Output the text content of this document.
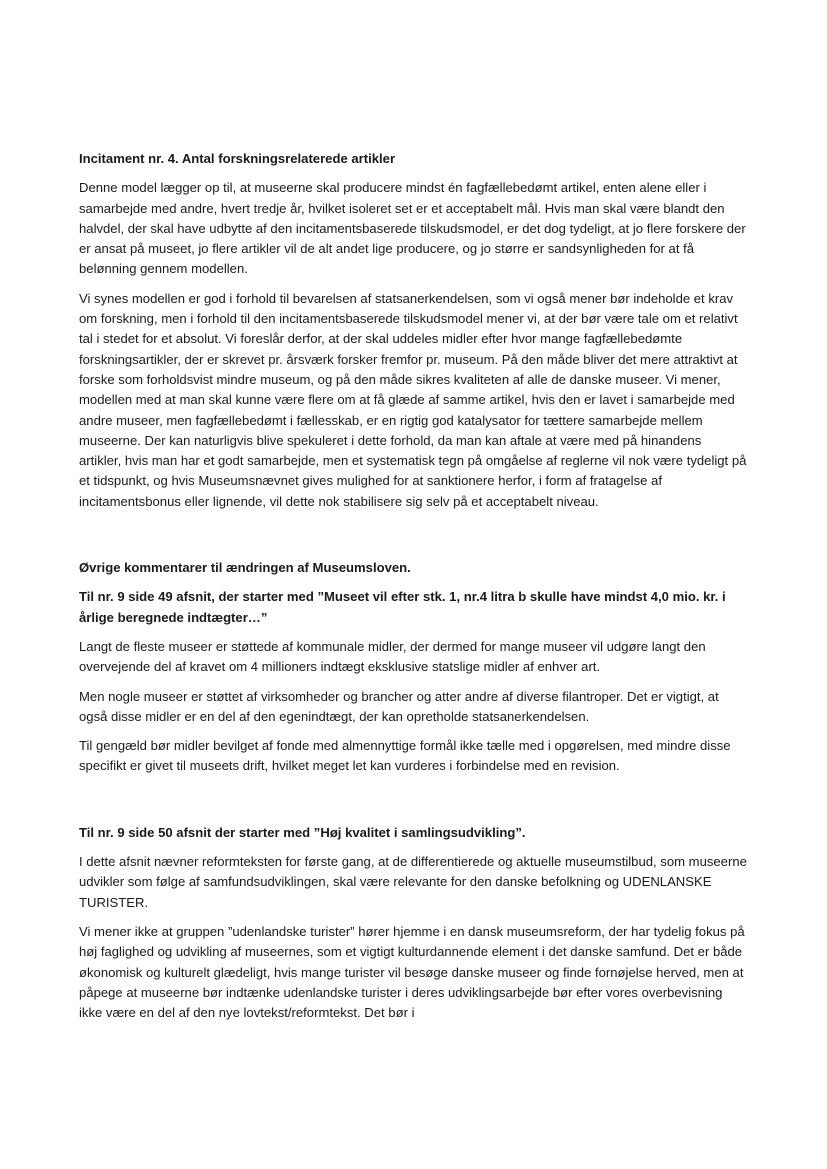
Incitament nr. 4. Antal forskningsrelaterede artikler
Denne model lægger op til, at museerne skal producere mindst én fagfællebedømt artikel, enten alene eller i samarbejde med andre, hvert tredje år, hvilket isoleret set er et acceptabelt mål. Hvis man skal være blandt den halvdel, der skal have udbytte af den incitamentsbaserede tilskudsmodel, er det dog tydeligt, at jo flere forskere der er ansat på museet, jo flere artikler vil de alt andet lige producere, og jo større er sandsynligheden for at få belønning gennem modellen.
Vi synes modellen er god i forhold til bevarelsen af statsanerkendelsen, som vi også mener bør indeholde et krav om forskning, men i forhold til den incitamentsbaserede tilskudsmodel mener vi, at der bør være tale om et relativt tal i stedet for et absolut. Vi foreslår derfor, at der skal uddeles midler efter hvor mange fagfællebedømte forskningsartikler, der er skrevet pr. årsværk forsker fremfor pr. museum. På den måde bliver det mere attraktivt at forske som forholdsvist mindre museum, og på den måde sikres kvaliteten af alle de danske museer. Vi mener, modellen med at man skal kunne være flere om at få glæde af samme artikel, hvis den er lavet i samarbejde med andre museer, men fagfællebedømt i fællesskab, er en rigtig god katalysator for tættere samarbejde mellem museerne. Der kan naturligvis blive spekuleret i dette forhold, da man kan aftale at være med på hinandens artikler, hvis man har et godt samarbejde, men et systematisk tegn på omgåelse af reglerne vil nok være tydeligt på et tidspunkt, og hvis Museumsnævnet gives mulighed for at sanktionere herfor, i form af fratagelse af incitamentsbonus eller lignende, vil dette nok stabilisere sig selv på et acceptabelt niveau.
Øvrige kommentarer til ændringen af Museumsloven.
Til nr. 9 side 49 afsnit, der starter med ”Museet vil efter stk. 1, nr.4 litra b skulle have mindst 4,0 mio. kr. i årlige beregnede indtægter…”
Langt de fleste museer er støttede af kommunale midler, der dermed for mange museer vil udgøre langt den overvejende del af kravet om 4 millioners indtægt eksklusive statslige midler af enhver art.
Men nogle museer er støttet af virksomheder og brancher og atter andre af diverse filantroper. Det er vigtigt, at også disse midler er en del af den egenindtægt, der kan opretholde statsanerkendelsen.
Til gengæld bør midler bevilget af fonde med almennyttige formål ikke tælle med i opgørelsen, med mindre disse specifikt er givet til museets drift, hvilket meget let kan vurderes i forbindelse med en revision.
Til nr. 9 side 50 afsnit der starter med ”Høj kvalitet i samlingsudvikling”.
I dette afsnit nævner reformteksten for første gang, at de differentierede og aktuelle museumstilbud, som museerne udvikler som følge af samfundsudviklingen, skal være relevante for den danske befolkning og UDENLANSKE TURISTER.
Vi mener ikke at gruppen ”udenlandske turister” hører hjemme i en dansk museumsreform, der har tydelig fokus på høj faglighed og udvikling af museernes, som et vigtigt kulturdannende element i det danske samfund. Det er både økonomisk og kulturelt glædeligt, hvis mange turister vil besøge danske museer og finde fornøjelse herved, men at påpege at museerne bør indtænke udenlandske turister i deres udviklingsarbejde bør efter vores overbevisning ikke være en del af den nye lovtekst/reformtekst. Det bør i
